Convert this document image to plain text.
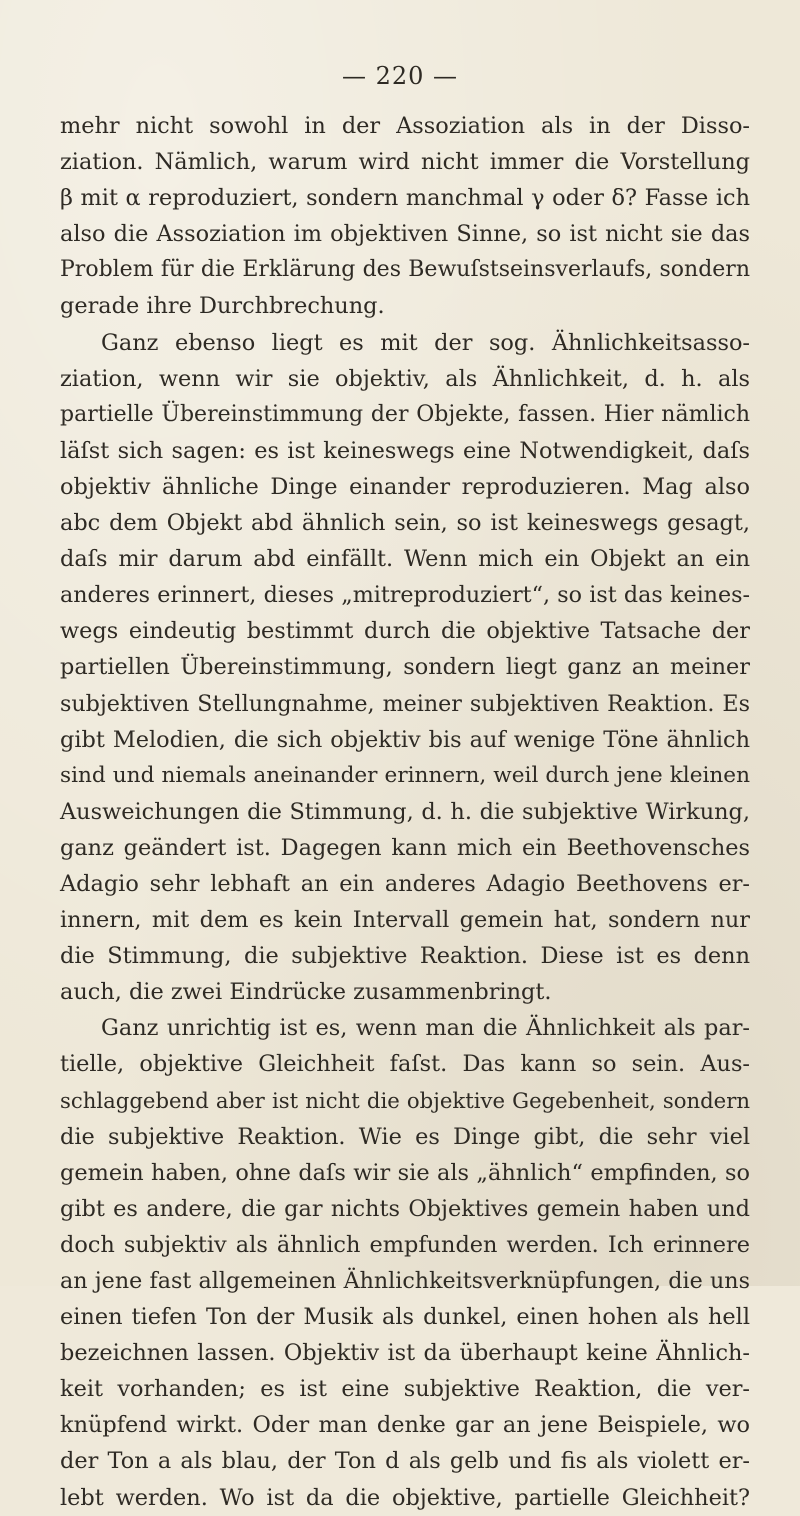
— 220 —
mehr nicht sowohl in der Assoziation als in der Disso-
ziation. Nämlich, warum wird nicht immer die Vorstellung
β mit α reproduziert, sondern manchmal γ oder δ? Fasse ich
also die Assoziation im objektiven Sinne, so ist nicht sie das
Problem für die Erklärung des Bewuſstseinsverlaufs, sondern
gerade ihre Durchbrechung.
Ganz ebenso liegt es mit der sog. Ähnlichkeitsasso-
ziation, wenn wir sie objektiv, als Ähnlichkeit, d. h. als
partielle Übereinstimmung der Objekte, fassen. Hier nämlich
läſst sich sagen: es ist keineswegs eine Notwendigkeit, daſs
objektiv ähnliche Dinge einander reproduzieren. Mag also
abc dem Objekt abd ähnlich sein, so ist keineswegs gesagt,
daſs mir darum abd einfällt. Wenn mich ein Objekt an ein
anderes erinnert, dieses „mitreproduziert“, so ist das keines-
wegs eindeutig bestimmt durch die objektive Tatsache der
partiellen Übereinstimmung, sondern liegt ganz an meiner
subjektiven Stellungnahme, meiner subjektiven Reaktion. Es
gibt Melodien, die sich objektiv bis auf wenige Töne ähnlich
sind und niemals aneinander erinnern, weil durch jene kleinen
Ausweichungen die Stimmung, d. h. die subjektive Wirkung,
ganz geändert ist. Dagegen kann mich ein Beethovensches
Adagio sehr lebhaft an ein anderes Adagio Beethovens er-
innern, mit dem es kein Intervall gemein hat, sondern nur
die Stimmung, die subjektive Reaktion. Diese ist es denn
auch, die zwei Eindrücke zusammenbringt.
Ganz unrichtig ist es, wenn man die Ähnlichkeit als par-
tielle, objektive Gleichheit faſst. Das kann so sein. Aus-
schlaggebend aber ist nicht die objektive Gegebenheit, sondern
die subjektive Reaktion. Wie es Dinge gibt, die sehr viel
gemein haben, ohne daſs wir sie als „ähnlich“ empfinden, so
gibt es andere, die gar nichts Objektives gemein haben und
doch subjektiv als ähnlich empfunden werden. Ich erinnere
an jene fast allgemeinen Ähnlichkeitsverknüpfungen, die uns
einen tiefen Ton der Musik als dunkel, einen hohen als hell
bezeichnen lassen. Objektiv ist da überhaupt keine Ähnlich-
keit vorhanden; es ist eine subjektive Reaktion, die ver-
knüpfend wirkt. Oder man denke gar an jene Beispiele, wo
der Ton a als blau, der Ton d als gelb und fis als violett er-
lebt werden. Wo ist da die objektive, partielle Gleichheit?
